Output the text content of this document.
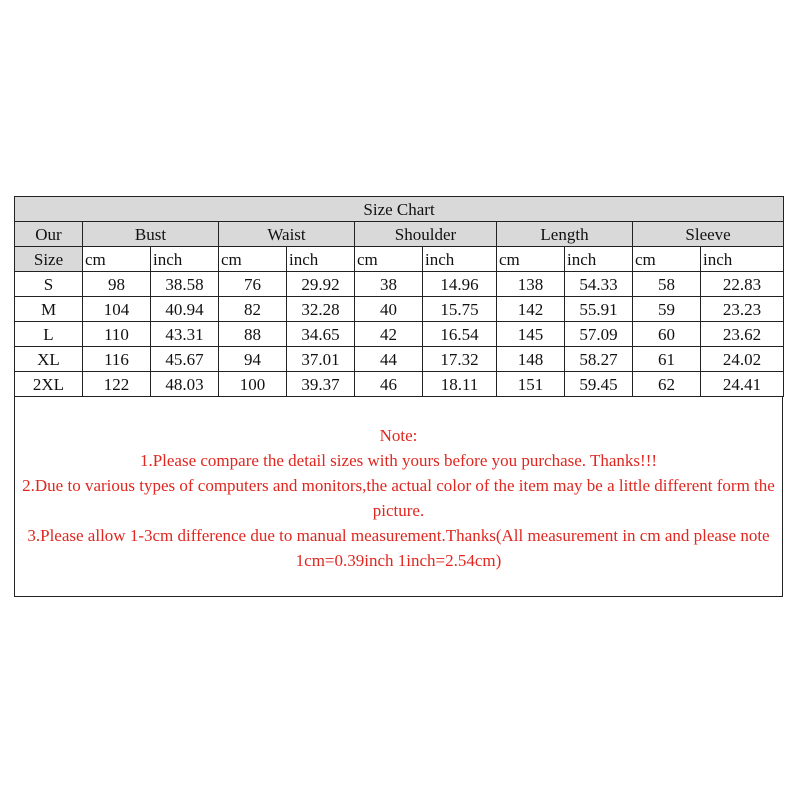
Size Chart										
Our	Bust		Waist		Shoulder		Length		Sleeve	
Size	cm	inch	cm	inch	cm	inch	cm	inch	cm	inch
S	98	38.58	76	29.92	38	14.96	138	54.33	58	22.83
M	104	40.94	82	32.28	40	15.75	142	55.91	59	23.23
L	110	43.31	88	34.65	42	16.54	145	57.09	60	23.62
XL	116	45.67	94	37.01	44	17.32	148	58.27	61	24.02
2XL	122	48.03	100	39.37	46	18.11	151	59.45	62	24.41
Note:
1.Please compare the detail sizes with yours before you purchase. Thanks!!!
2.Due to various types of computers and monitors,the actual color of the item may be a little different form the picture.
3.Please allow 1-3cm difference due to manual measurement.Thanks(All measurement in cm and please note 1cm=0.39inch 1inch=2.54cm)
